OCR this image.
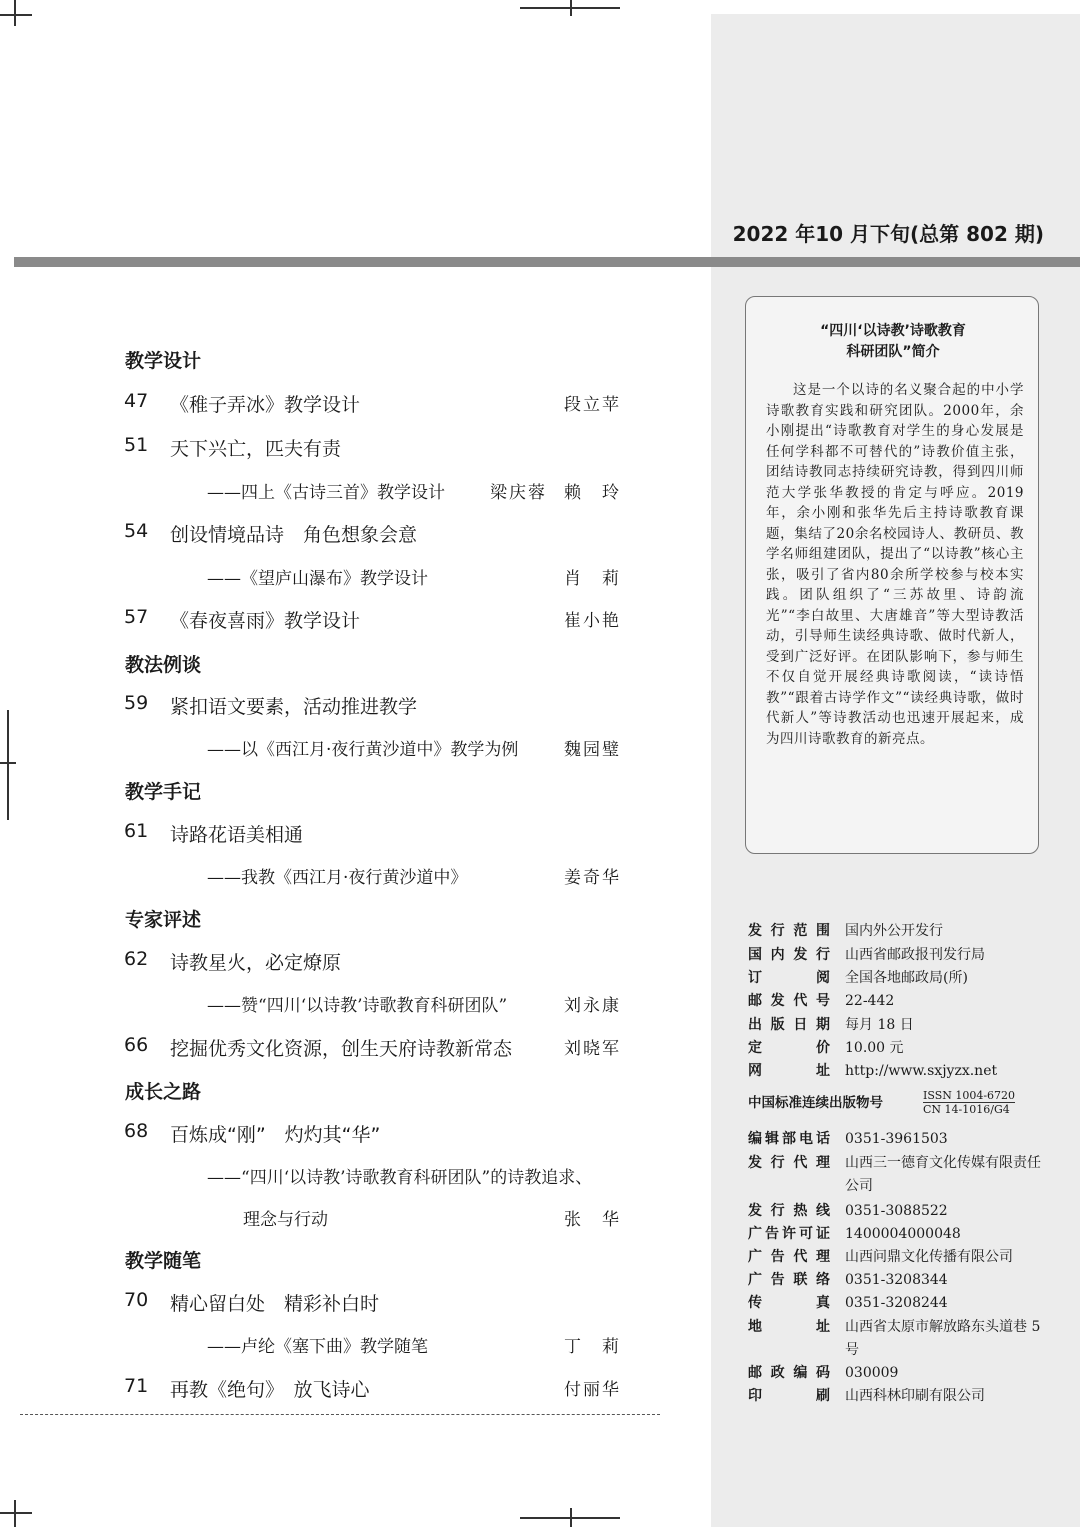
2022 年10 月下旬(总第 802 期)
教学设计
47 《稚子弄冰》教学设计	段立苹
51 天下兴亡，匹夫有责
——四上《古诗三首》教学设计	梁庆蓉 赖　玲
54 创设情境品诗　角色想象会意
——《望庐山瀑布》教学设计	肖　莉
57 《春夜喜雨》教学设计	崔小艳
教法例谈
59 紧扣语文要素，活动推进教学
——以《西江月·夜行黄沙道中》教学为例	魏园璧
教学手记
61 诗路花语美相通
——我教《西江月·夜行黄沙道中》	姜奇华
专家评述
62 诗教星火，必定燎原
——赞“四川‘以诗教’诗歌教育科研团队”	刘永康
66 挖掘优秀文化资源，创生天府诗教新常态	刘晓军
成长之路
68 百炼成“刚”　灼灼其“华”
——“四川‘以诗教’诗歌教育科研团队”的诗教追求、
理念与行动	张　华
教学随笔
70 精心留白处　精彩补白时
——卢纶《塞下曲》教学随笔	丁　莉
71 再教《绝句》　放飞诗心	付丽华
“四川‘以诗教’诗歌教育
科研团队”简介
这是一个以诗的名义聚合起的中小学诗歌教育实践和研究团队。2000年，余小刚提出“诗歌教育对学生的身心发展是任何学科都不可替代的”诗教价值主张，团结诗教同志持续研究诗教，得到四川师范大学张华教授的肯定与呼应。2019年，余小刚和张华先后主持诗歌教育课题，集结了20余名校园诗人、教研员、教学名师组建团队，提出了“以诗教”核心主张，吸引了省内80余所学校参与校本实践。团队组织了“三苏故里、诗韵流光”“李白故里、大唐雄音”等大型诗教活动，引导师生读经典诗歌、做时代新人，受到广泛好评。在团队影响下，参与师生不仅自觉开展经典诗歌阅读，“读诗悟教”“跟着古诗学作文”“读经典诗歌，做时代新人”等诗教活动也迅速开展起来，成为四川诗歌教育的新亮点。
发行范围 国内外公开发行
国内发行 山西省邮政报刊发行局
订阅 全国各地邮政局(所)
邮发代号 22-442
出版日期 每月 18 日
定价 10.00 元
网址 http://www.sxjyzx.net
中国标准连续出版物号	ISSN 1004-6720
CN 14-1016/G4
编辑部电话 0351-3961503
发行代理 山西三一德育文化传媒有限责任公司
发行热线 0351-3088522
广告许可证 1400004000048
广告代理 山西问鼎文化传播有限公司
广告联络 0351-3208344
传真 0351-3208244
地址 山西省太原市解放路东头道巷 5 号
邮政编码 030009
印刷 山西科林印刷有限公司
